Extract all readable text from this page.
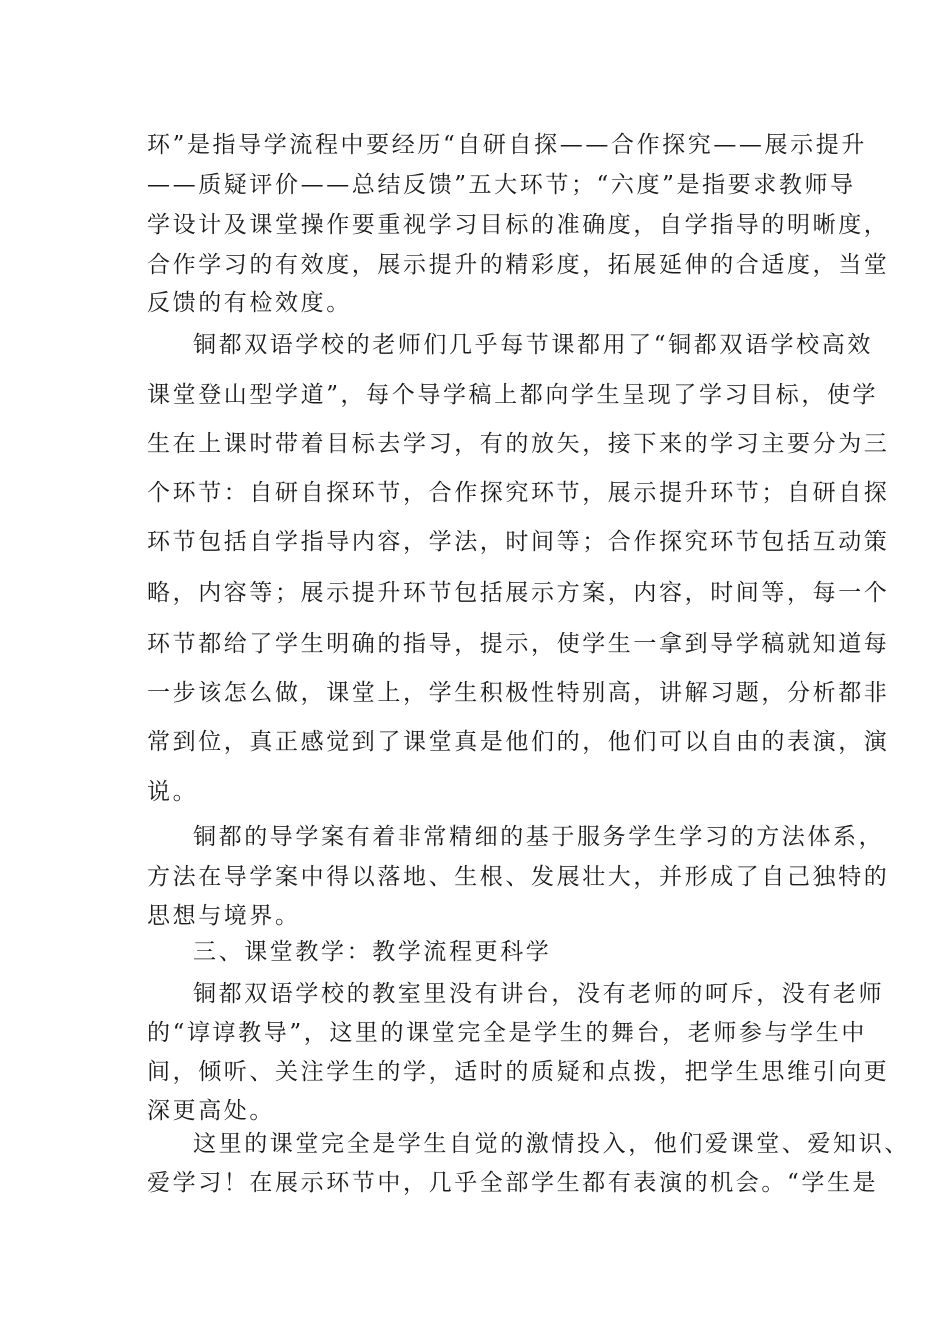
环”是指导学流程中要经历“自研自探——合作探究——展示提升
——质疑评价——总结反馈”五大环节；“六度”是指要求教师导
学设计及课堂操作要重视学习目标的准确度，自学指导的明晰度，
合作学习的有效度，展示提升的精彩度，拓展延伸的合适度，当堂
反馈的有检效度。
铜都双语学校的老师们几乎每节课都用了“铜都双语学校高效
课堂登山型学道”，每个导学稿上都向学生呈现了学习目标，使学
生在上课时带着目标去学习，有的放矢，接下来的学习主要分为三
个环节：自研自探环节，合作探究环节，展示提升环节；自研自探
环节包括自学指导内容，学法，时间等；合作探究环节包括互动策
略，内容等；展示提升环节包括展示方案，内容，时间等，每一个
环节都给了学生明确的指导，提示，使学生一拿到导学稿就知道每
一步该怎么做，课堂上，学生积极性特别高，讲解习题，分析都非
常到位，真正感觉到了课堂真是他们的，他们可以自由的表演，演
说。
铜都的导学案有着非常精细的基于服务学生学习的方法体系，
方法在导学案中得以落地、生根、发展壮大，并形成了自己独特的
思想与境界。
三、课堂教学：教学流程更科学
铜都双语学校的教室里没有讲台，没有老师的呵斥，没有老师
的“谆谆教导”，这里的课堂完全是学生的舞台，老师参与学生中
间，倾听、关注学生的学，适时的质疑和点拨，把学生思维引向更
深更高处。
这里的课堂完全是学生自觉的激情投入，他们爱课堂、爱知识、
爱学习！在展示环节中，几乎全部学生都有表演的机会。“学生是
